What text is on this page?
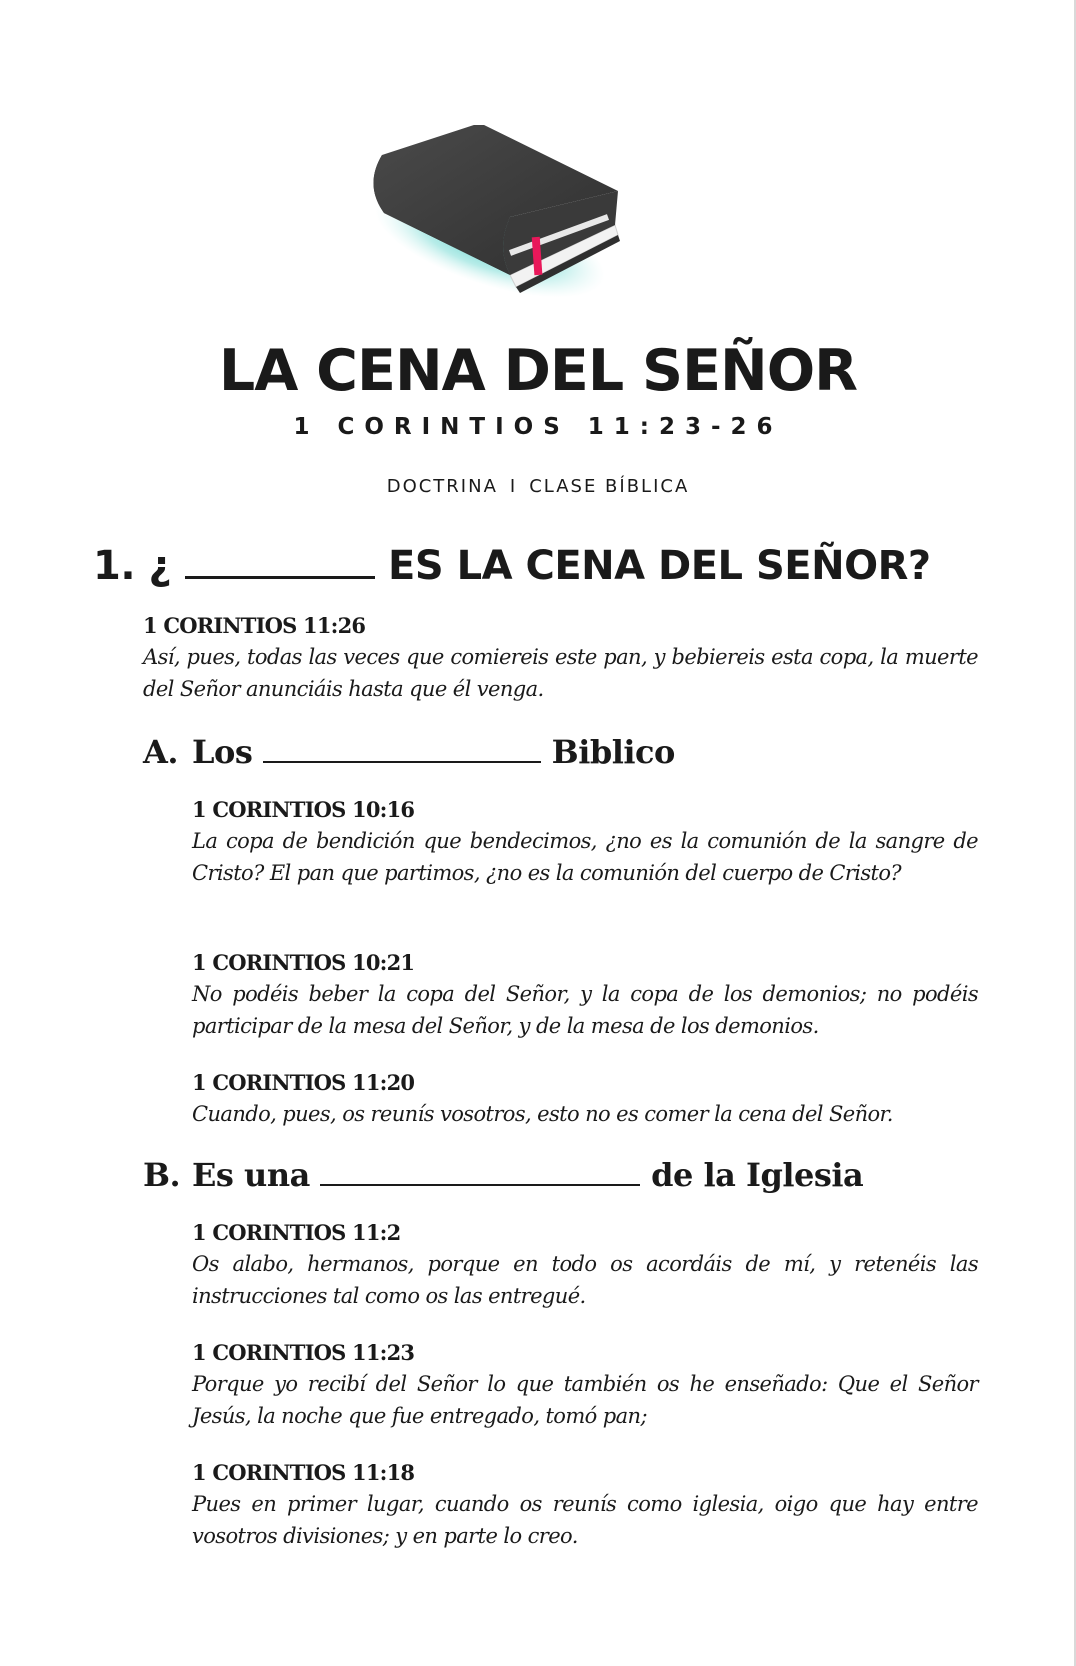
LA CENA DEL SEÑOR
1 CORINTIOS 11:23-26
DOCTRINA I CLASE BÍBLICA
1. ¿	ES LA CENA DEL SEÑOR?
1 CORINTIOS 11:26

Así, pues, todas las veces que comiereis este pan, y bebiereis esta copa, la muerte del Señor anunciáis hasta que él venga.

A. Los	Biblico
1 CORINTIOS 10:16

La copa de bendición que bendecimos, ¿no es la comunión de la sangre de Cristo? El pan que partimos, ¿no es la comunión del cuerpo de Cristo?

1 CORINTIOS 10:21

No podéis beber la copa del Señor, y la copa de los demonios; no podéis participar de la mesa del Señor, y de la mesa de los demonios.

1 CORINTIOS 11:20

Cuando, pues, os reunís vosotros, esto no es comer la cena del Señor.

B. Es una	de la Iglesia
1 CORINTIOS 11:2

Os alabo, hermanos, porque en todo os acordáis de mí, y retenéis las instrucciones tal como os las entregué.

1 CORINTIOS 11:23

Porque yo recibí del Señor lo que también os he enseñado: Que el Señor Jesús, la noche que fue entregado, tomó pan;

1 CORINTIOS 11:18

Pues en primer lugar, cuando os reunís como iglesia, oigo que hay entre vosotros divisiones; y en parte lo creo.
